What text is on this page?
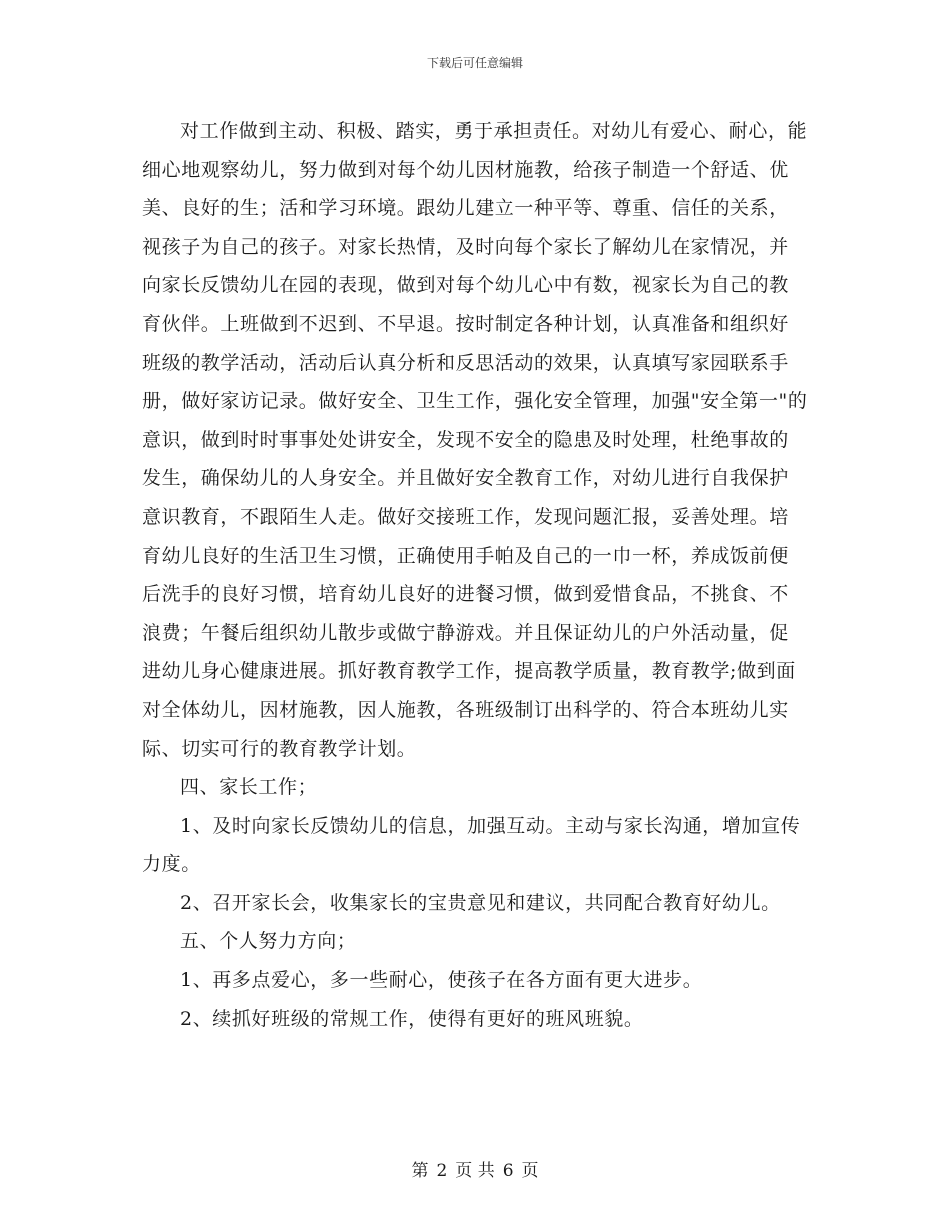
下载后可任意编辑

对工作做到主动、积极、踏实，勇于承担责任。对幼儿有爱心、耐心，能细心地观察幼儿，努力做到对每个幼儿因材施教，给孩子制造一个舒适、优美、良好的生；活和学习环境。跟幼儿建立一种平等、尊重、信任的关系，视孩子为自己的孩子。对家长热情，及时向每个家长了解幼儿在家情况，并向家长反馈幼儿在园的表现，做到对每个幼儿心中有数，视家长为自己的教育伙伴。上班做到不迟到、不早退。按时制定各种计划，认真准备和组织好班级的教学活动，活动后认真分析和反思活动的效果，认真填写家园联系手册，做好家访记录。做好安全、卫生工作，强化安全管理，加强"安全第一"的意识，做到时时事事处处讲安全，发现不安全的隐患及时处理，杜绝事故的发生，确保幼儿的人身安全。并且做好安全教育工作，对幼儿进行自我保护意识教育，不跟陌生人走。做好交接班工作，发现问题汇报，妥善处理。培育幼儿良好的生活卫生习惯，正确使用手帕及自己的一巾一杯，养成饭前便后洗手的良好习惯，培育幼儿良好的进餐习惯，做到爱惜食品，不挑食、不浪费；午餐后组织幼儿散步或做宁静游戏。并且保证幼儿的户外活动量，促进幼儿身心健康进展。抓好教育教学工作，提高教学质量，教育教学;做到面对全体幼儿，因材施教，因人施教，各班级制订出科学的、符合本班幼儿实际、切实可行的教育教学计划。

四、家长工作；

1、及时向家长反馈幼儿的信息，加强互动。主动与家长沟通，增加宣传力度。

2、召开家长会，收集家长的宝贵意见和建议，共同配合教育好幼儿。

五、个人努力方向；

1、再多点爱心，多一些耐心，使孩子在各方面有更大进步。

2、续抓好班级的常规工作，使得有更好的班风班貌。

第 2 页 共 6 页
